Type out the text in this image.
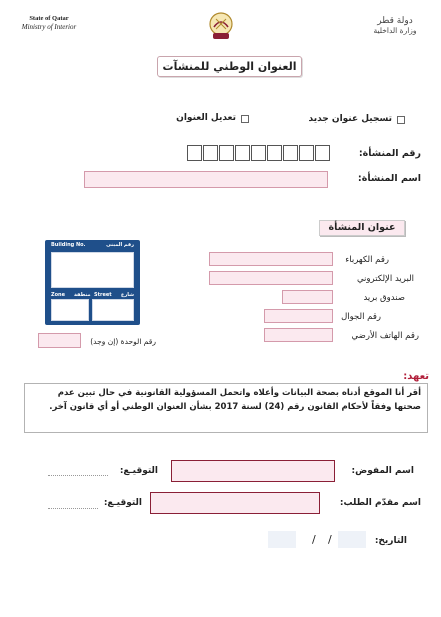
State of Qatar
Ministry of Interior
دولة قطر
وزارة الداخلية
العنوان الوطني للمنشآت
تسجيل عنوان جديد
تعديل العنوان
رقم المنشأة:
اسم المنشأة:
عنوان المنشأة
Building No.	رقم المبنى
Zone منطقة Street شارع
رقم الكهرباء
البريد الإلكتروني
صندوق بريد
رقم الجوال
رقم الهاتف الأرضي
رقم الوحدة (إن وجد)
تعهد:
أقر أنا الموقع أدناه بصحة البيانات وأعلاه واتحمل المسؤولية القانونية في حال تبين عدم صحتها وفقاً لأحكام القانون رقم (24) لسنة 2017 بشأن العنوان الوطني أو أي قانون آخر.
اسم المفوض:
التوقيـع:
اسم مقدّم الطلب:
التوقيـع:
التاريخ:
/ /
